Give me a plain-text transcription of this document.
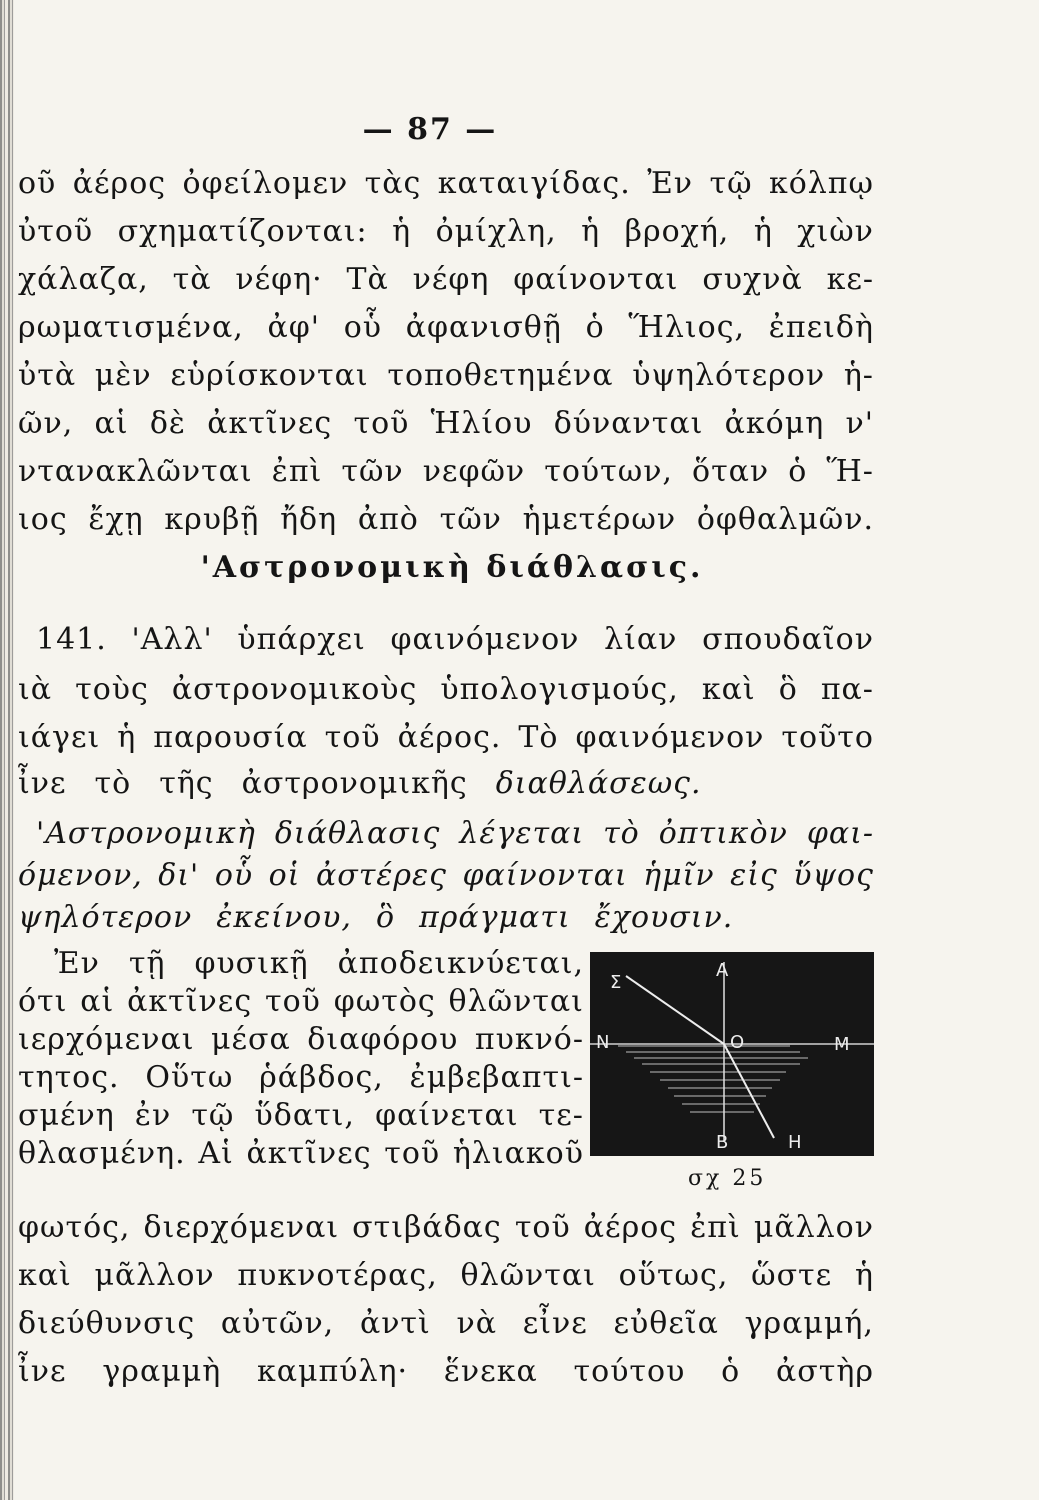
— 87 —
οῦ ἀέρος ὀφείλομεν τὰς καταιγίδας. Ἐν τῷ κόλπῳ
ὐτοῦ σχηματίζονται: ἡ ὀμίχλη, ἡ βροχή, ἡ χιὼν
χάλαζα, τὰ νέφη· Τὰ νέφη φαίνονται συχνὰ κε-
ρωματισμένα, ἀφ' οὗ ἀφανισθῇ ὁ Ἥλιος, ἐπειδὴ
ὐτὰ μὲν εὑρίσκονται τοποθετημένα ὑψηλότερον ἡ-
ῶν, αἱ δὲ ἀκτῖνες τοῦ Ἡλίου δύνανται ἀκόμη ν'
ντανακλῶνται ἐπὶ τῶν νεφῶν τούτων, ὅταν ὁ Ἥ-
ιος ἔχῃ κρυβῇ ἤδη ἀπὸ τῶν ἡμετέρων ὀφθαλμῶν.
'Αστρονομικὴ διάθλασις.
141. 'Αλλ' ὑπάρχει φαινόμενον λίαν σπουδαῖον
ιὰ τοὺς ἀστρονομικοὺς ὑπολογισμούς, καὶ ὃ πα-
ιάγει ἡ παρουσία τοῦ ἀέρος. Τὸ φαινόμενον τοῦτο
ἶνε τὸ τῆς ἀστρονομικῆς διαθλάσεως.
'Αστρονομικὴ διάθλασις λέγεται τὸ ὀπτικὸν φαι-
όμενον, δι' οὗ οἱ ἀστέρες φαίνονται ἡμῖν εἰς ὕψος
ψηλότερον ἐκείνου, ὃ πράγματι ἔχουσιν.
Ἐν τῇ φυσικῇ ἀποδεικνύεται,
ότι αἱ ἀκτῖνες τοῦ φωτὸς θλῶνται
ιερχόμεναι μέσα διαφόρου πυκνό-
τητος. Οὕτω ῥάβδος, ἐμβεβαπτι-
σμένη ἐν τῷ ὕδατι, φαίνεται τε-
θλασμένη. Αἱ ἀκτῖνες τοῦ ἡλιακοῦ
Σ
Α
Ν	Ο	Μ
Β	Η
σχ 25
φωτός, διερχόμεναι στιβάδας τοῦ ἀέρος ἐπὶ μᾶλλον
καὶ μᾶλλον πυκνοτέρας, θλῶνται οὕτως, ὥστε ἡ
διεύθυνσις αὐτῶν, ἀντὶ νὰ εἶνε εὐθεῖα γραμμή,
ἶνε γραμμὴ καμπύλη· ἕνεκα τούτου ὁ ἀστὴρ
